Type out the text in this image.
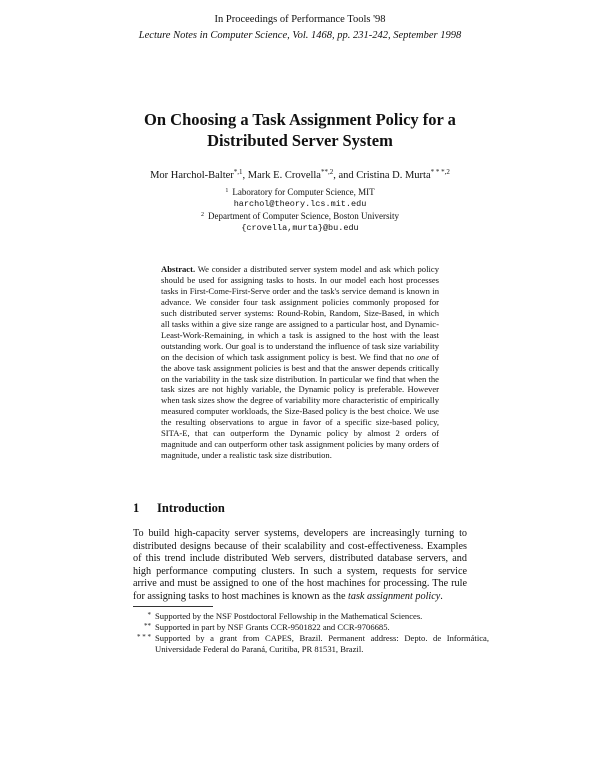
In Proceedings of Performance Tools '98
Lecture Notes in Computer Science, Vol. 1468, pp. 231-242, September 1998
On Choosing a Task Assignment Policy for a
Distributed Server System
Mor Harchol-Balter$^{*,1}$, Mark E. Crovella$^{**,2}$, and Cristina D. Murta$^{* * *,2}$
$^1$ Laboratory for Computer Science, MIT
harchol@theory.lcs.mit.edu
$^2$ Department of Computer Science, Boston University
{crovella,murta}@bu.edu
Abstract. We consider a distributed server system model and ask which policy should be used for assigning tasks to hosts. In our model each host processes tasks in First-Come-First-Serve order and the task's service demand is known in advance. We consider four task assignment policies commonly proposed for such distributed server systems: Round-Robin, Random, Size-Based, in which all tasks within a give size range are assigned to a particular host, and Dynamic-Least-Work-Remaining, in which a task is assigned to the host with the least outstanding work. Our goal is to understand the influence of task size variability on the decision of which task assignment policy is best. We find that no one of the above task assignment policies is best and that the answer depends critically on the variability in the task size distribution. In particular we find that when the task sizes are not highly variable, the Dynamic policy is preferable. However when task sizes show the degree of variability more characteristic of empirically measured computer workloads, the Size-Based policy is the best choice. We use the resulting observations to argue in favor of a specific size-based policy, SITA-E, that can outperform the Dynamic policy by almost 2 orders of magnitude and can outperform other task assignment policies by many orders of magnitude, under a realistic task size distribution.
1 Introduction
To build high-capacity server systems, developers are increasingly turning to distributed designs because of their scalability and cost-effectiveness. Examples of this trend include distributed Web servers, distributed database servers, and high performance computing clusters. In such a system, requests for service arrive and must be assigned to one of the host machines for processing. The rule for assigning tasks to host machines is known as the task assignment policy.
* Supported by the NSF Postdoctoral Fellowship in the Mathematical Sciences.
** Supported in part by NSF Grants CCR-9501822 and CCR-9706685.
* * * Supported by a grant from CAPES, Brazil. Permanent address: Depto. de Informática, Universidade Federal do Paraná, Curitiba, PR 81531, Brazil.
